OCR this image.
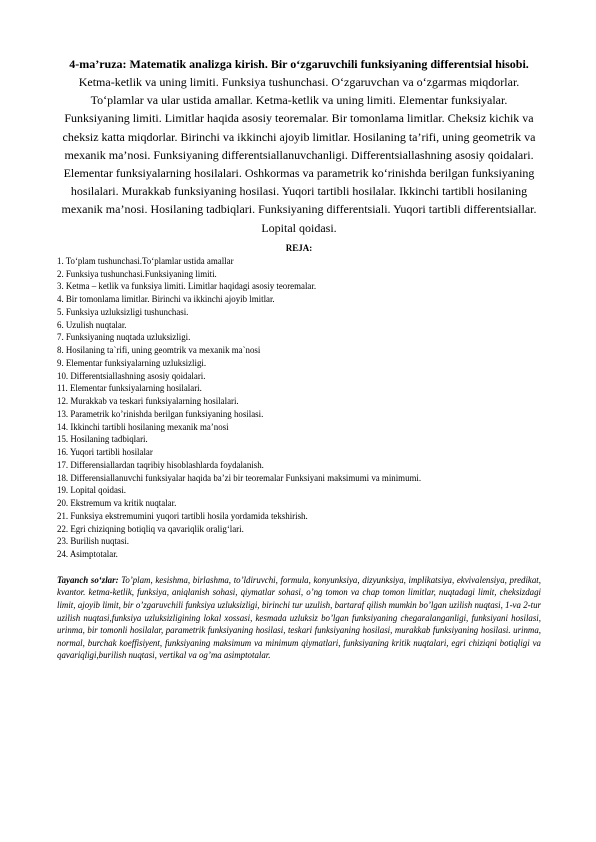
4-ma’ruza: Matematik analizga kirish. Bir o‘zgaruvchili funksiyaning differentsial hisobi.

Ketma-ketlik va uning limiti. Funksiya tushunchasi. O‘zgaruvchan va o‘zgarmas miqdorlar. To‘plamlar va ular ustida amallar. Ketma-ketlik va uning limiti. Elementar funksiyalar. Funksiyaning limiti. Limitlar haqida asosiy teoremalar. Bir tomonlama limitlar. Cheksiz kichik va cheksiz katta miqdorlar. Birinchi va ikkinchi ajoyib limitlar. Hosilaning ta’rifi, uning geometrik va mexanik ma’nosi. Funksiyaning differentsiallanuvchanligi. Differentsiallashning asosiy qoidalari. Elementar funksiyalarning hosilalari. Oshkormas va parametrik ko‘rinishda berilgan funksiyaning hosilalari. Murakkab funksiyaning hosilasi. Yuqori tartibli hosilalar. Ikkinchi tartibli hosilaning mexanik ma’nosi. Hosilaning tadbiqlari. Funksiyaning differentsiali. Yuqori tartibli differentsiallar. Lopital qoidasi.

REJA:
1. To‘plam tushunchasi.To‘plamlar ustida amallar
2. Funksiya tushunchasi.Funksiyaning limiti.
3. Ketma – ketlik va funksiya limiti. Limitlar haqidagi asosiy teoremalar.
4. Bir tomonlama limitlar. Birinchi va ikkinchi ajoyib lmitlar.
5. Funksiya uzluksizligi tushunchasi.
6. Uzulish nuqtalar.
7. Funksiyaning nuqtada uzluksizligi.
8. Hosilaning ta`rifi, uning geomtrik va mexanik ma`nosi
9. Elementar funksiyalarning uzluksizligi.
10. Differentsiallashning asosiy qoidalari.
11. Elementar funksiyalarning hosilalari.
12. Murakkab va teskari funksiyalarning hosilalari.
13. Parametrik ko’rinishda berilgan funksiyaning hosilasi.
14. Ikkinchi tartibli hosilaning mexanik ma’nosi
15. Hosilaning tadbiqlari.
16. Yuqori tartibli hosilalar
17. Differensiallardan taqribiy hisoblashlarda foydalanish.
18. Differensiallanuvchi funksiyalar haqida ba’zi bir teoremalar Funksiyani maksimumi va minimumi.
19. Lopital qoidasi.
20. Ekstremum va kritik nuqtalar.
21. Funksiya ekstremumini yuqori tartibli hosila yordamida tekshirish.
22. Egri chiziqning botiqliq va qavariqlik oralig‘lari.
23. Burilish nuqtasi.
24. Asimptotalar.

Tayanch so‘zlar: To’plam, kesishma, birlashma, to’ldiruvchi, formula, konyunksiya, dizyunksiya, implikatsiya, ekvivalensiya, predikat, kvantor. ketma-ketlik, funksiya, aniqlanish sohasi, qiymatlar sohasi, o’ng tomon va chap tomon limitlar, nuqtadagi limit, cheksizdagi limit, ajoyib limit, bir o’zgaruvchili funksiya uzluksizligi, birinchi tur uzulish, bartaraf qilish mumkin bo’lgan uzilish nuqtasi, 1-va 2-tur uzilish nuqtasi,funksiya uzluksizligining lokal xossasi, kesmada uzluksiz bo’lgan funksiyaning chegaralanganligi, funksiyani hosilasi, urinma, bir tomonli hosilalar, parametrik funksiyaning hosilasi, teskari funksiyaning hosilasi, murakkab funksiyaning hosilasi. urinma, normal, burchak koeffisiyent, funksiyaning maksimum va minimum qiymatlari, funksiyaning kritik nuqtalari, egri chiziqni botiqligi va qavariqligi,burilish nuqtasi, vertikal va og’ma asimptotalar.
